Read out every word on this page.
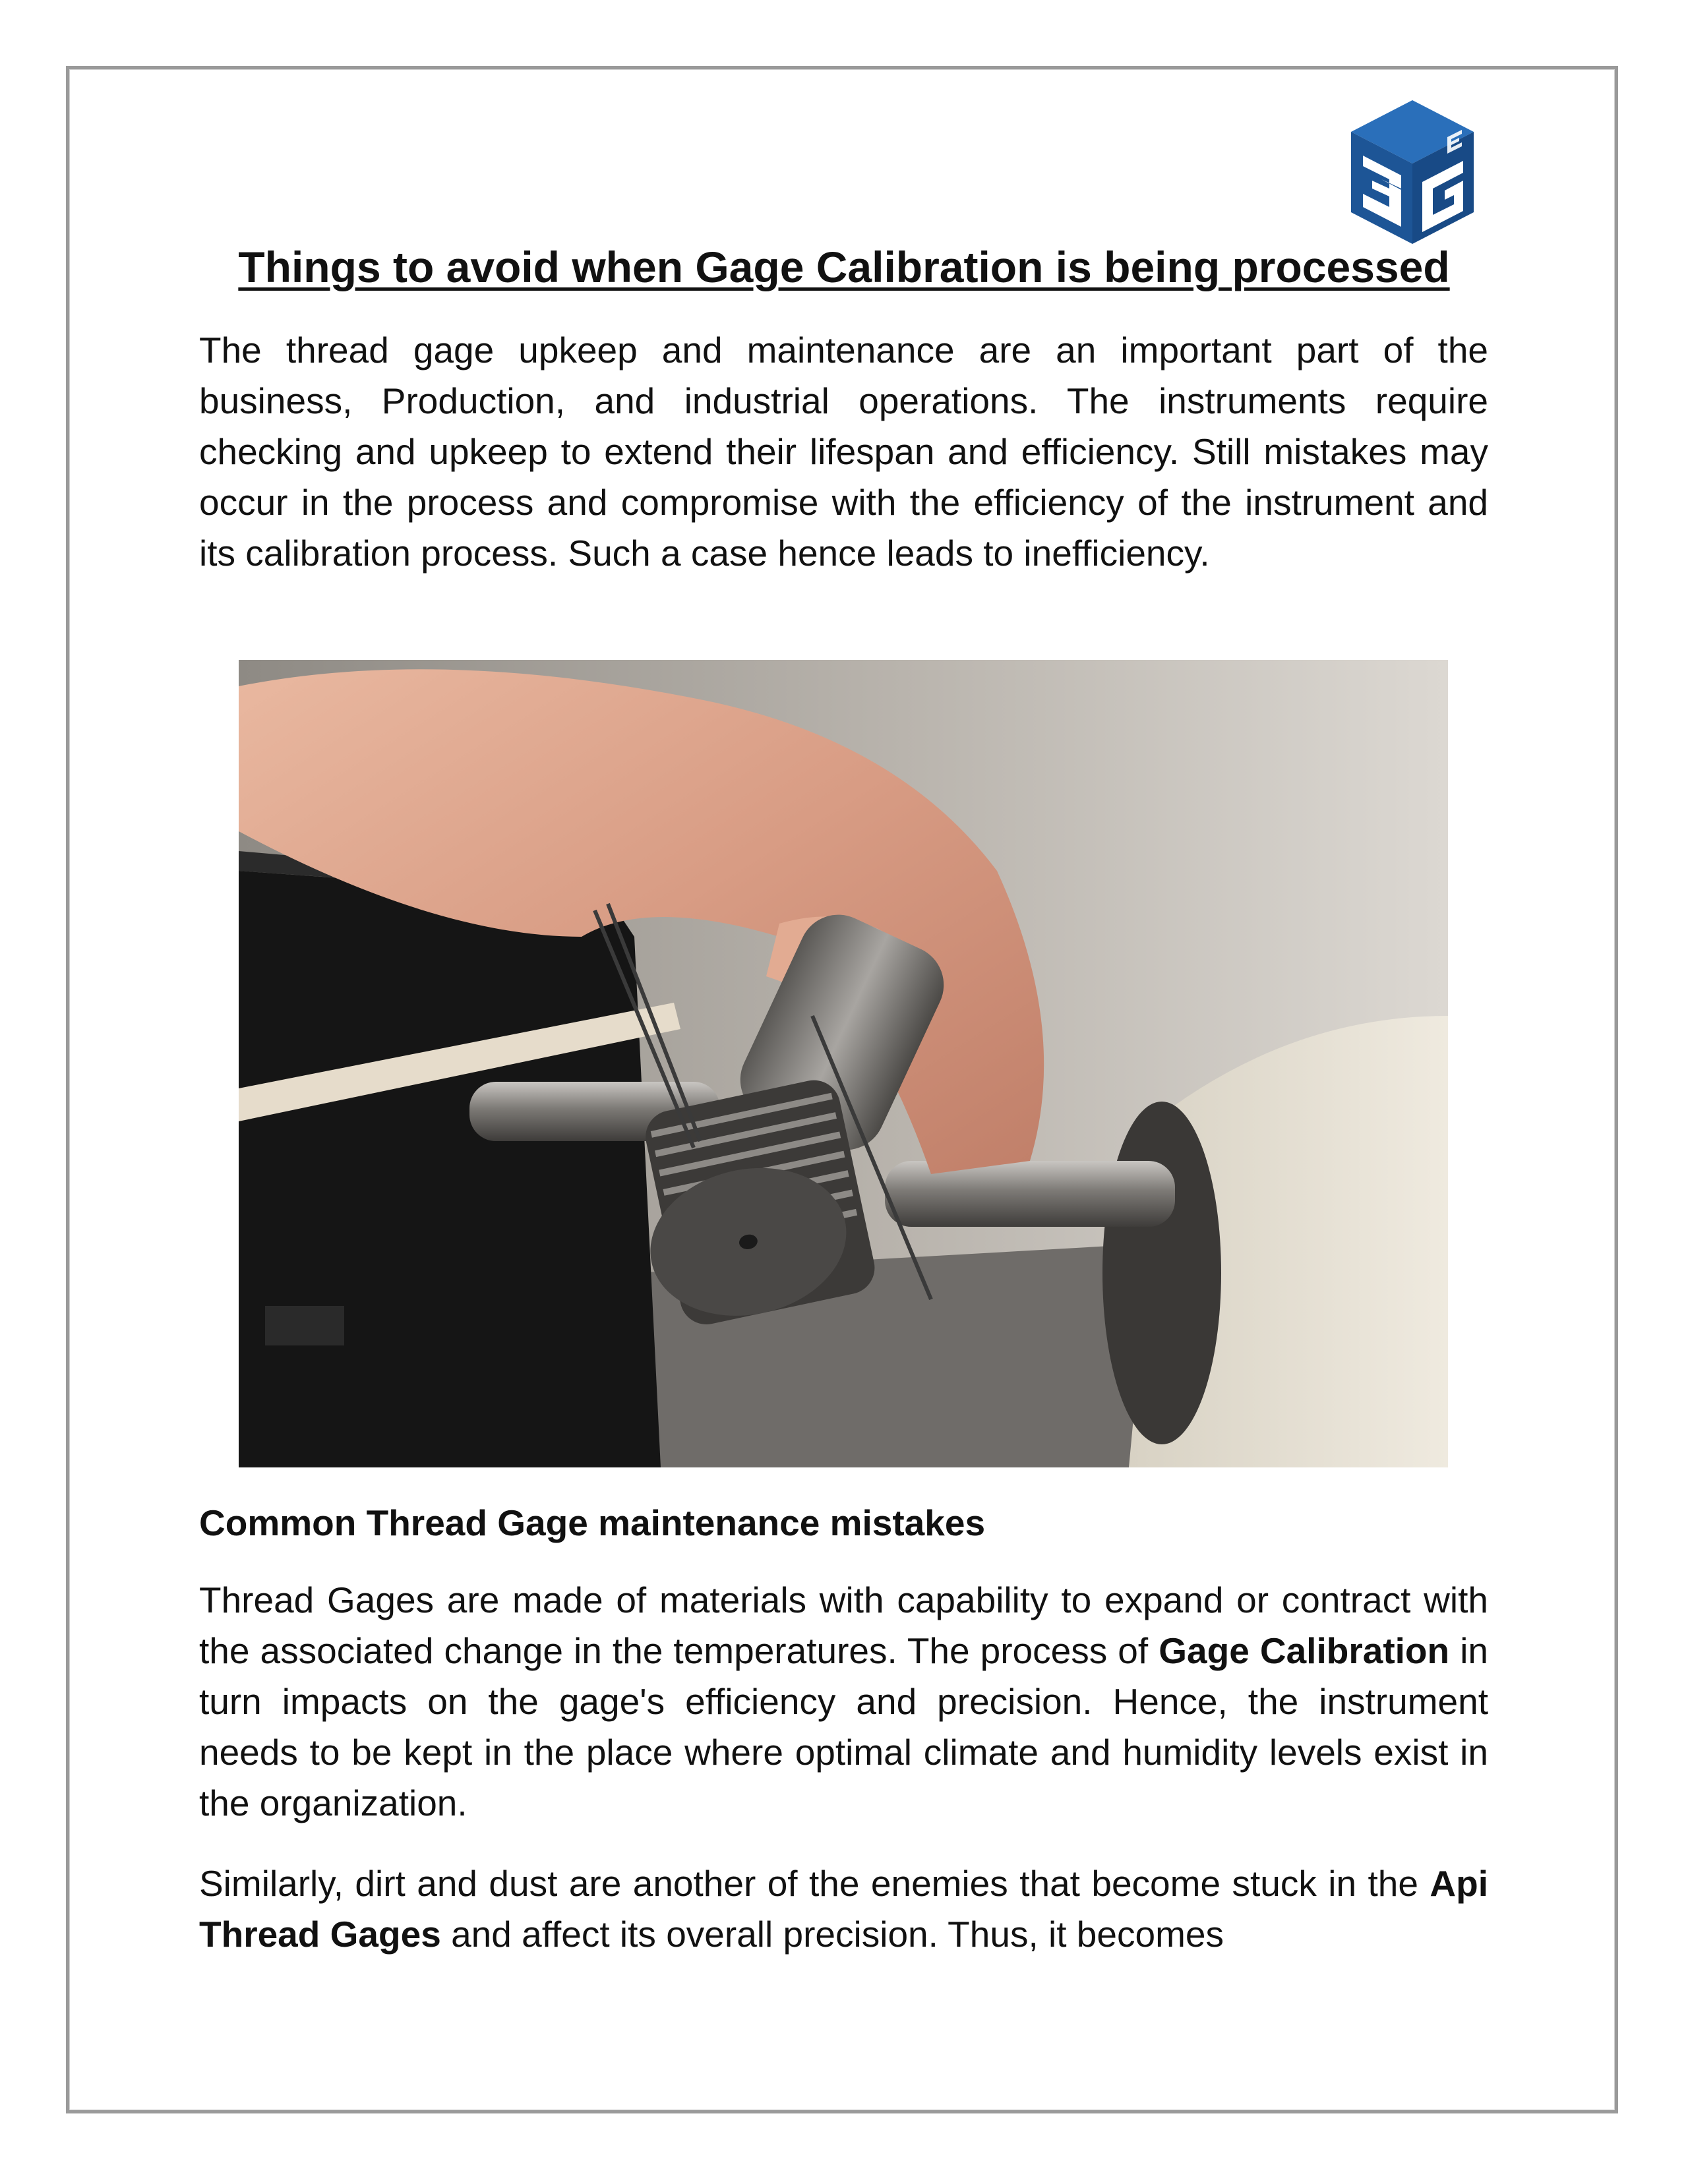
Things to avoid when Gage Calibration is being processed

The thread gage upkeep and maintenance are an important part of the business, Production, and industrial operations. The instruments require checking and upkeep to extend their lifespan and efficiency. Still mistakes may occur in the process and compromise with the efficiency of the instrument and its calibration process. Such a case hence leads to inefficiency.

Common Thread Gage maintenance mistakes

Thread Gages are made of materials with capability to expand or contract with the associated change in the temperatures. The process of Gage Calibration in turn impacts on the gage's efficiency and precision. Hence, the instrument needs to be kept in the place where optimal climate and humidity levels exist in the organization.

Similarly, dirt and dust are another of the enemies that become stuck in the Api Thread Gages and affect its overall precision. Thus, it becomes
